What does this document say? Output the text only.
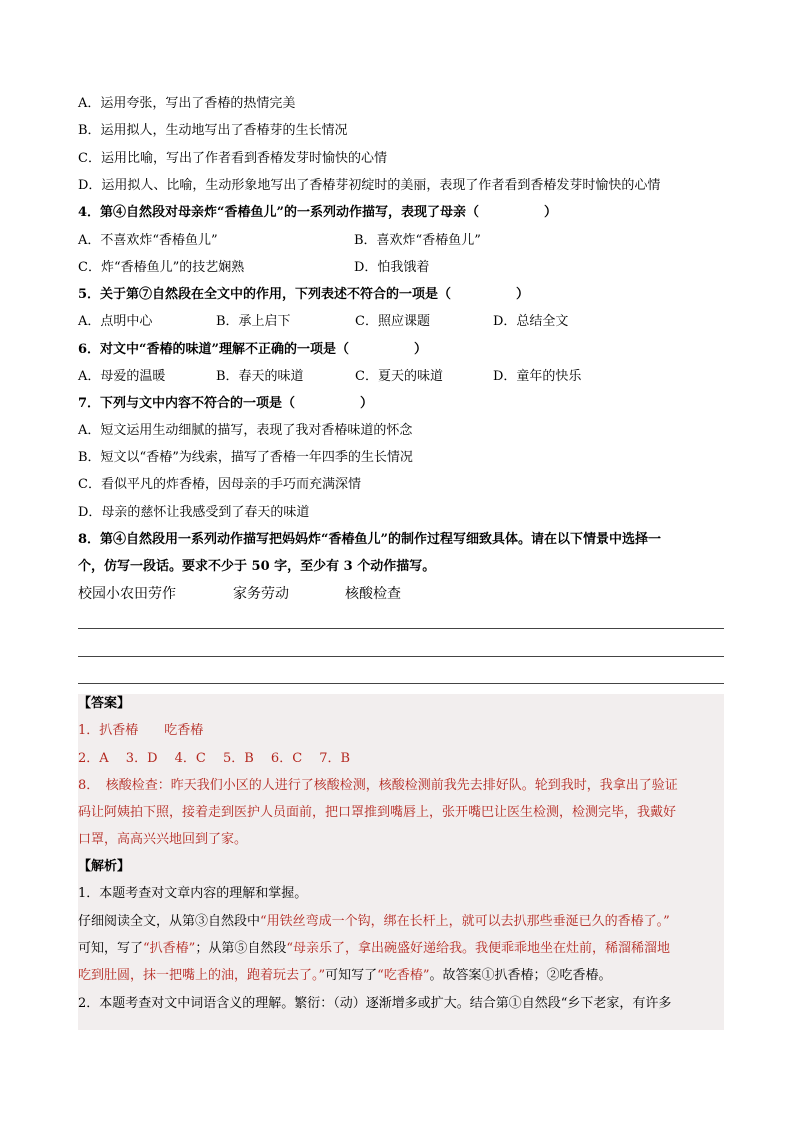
A．运用夸张，写出了香椿的热情完美
B．运用拟人，生动地写出了香椿芽的生长情况
C．运用比喻，写出了作者看到香椿发芽时愉快的心情
D．运用拟人、比喻，生动形象地写出了香椿芽初绽时的美丽，表现了作者看到香椿发芽时愉快的心情
4．第④自然段对母亲炸“香椿鱼儿”的一系列动作描写，表现了母亲（　　　　　）
A．不喜欢炸“香椿鱼儿”	B．喜欢炸“香椿鱼儿”
C．炸“香椿鱼儿”的技艺娴熟	D．怕我饿着
5．关于第⑦自然段在全文中的作用，下列表述不符合的一项是（　　　　　）
A．点明中心	B．承上启下	C．照应课题	D．总结全文
6．对文中“香椿的味道”理解不正确的一项是（　　　　　）
A．母爱的温暖	B．春天的味道	C．夏天的味道	D．童年的快乐
7．下列与文中内容不符合的一项是（　　　　　）
A．短文运用生动细腻的描写，表现了我对香椿味道的怀念
B．短文以“香椿”为线索，描写了香椿一年四季的生长情况
C．看似平凡的炸香椿，因母亲的手巧而充满深情
D．母亲的慈怀让我感受到了春天的味道
8．第④自然段用一系列动作描写把妈妈炸“香椿鱼儿”的制作过程写细致具体。请在以下情景中选择一
个，仿写一段话。要求不少于 50 字，至少有 3 个动作描写。
校园小农田劳作	家务劳动	核酸检查
【答案】
1．扒香椿　　吃香椿
2．A　 3．D　 4．C　 5．B　 6．C　 7．B
8．　核酸检查：昨天我们小区的人进行了核酸检测，核酸检测前我先去排好队。轮到我时，我拿出了验证
码让阿姨拍下照，接着走到医护人员面前，把口罩推到嘴唇上，张开嘴巴让医生检测，检测完毕，我戴好
口罩，高高兴兴地回到了家。
【解析】
1．本题考查对文章内容的理解和掌握。
仔细阅读全文，从第③自然段中“用铁丝弯成一个钩，绑在长杆上，就可以去扒那些垂涎已久的香椿了。”
可知，写了“扒香椿”；从第⑤自然段“母亲乐了，拿出碗盛好递给我。我便乖乖地坐在灶前，稀溜稀溜地
吃到肚圆，抹一把嘴上的油，跑着玩去了。”可知写了“吃香椿”。故答案①扒香椿；②吃香椿。
2．本题考查对文中词语含义的理解。繁衍：（动）逐渐增多或扩大。结合第①自然段“乡下老家，有许多
